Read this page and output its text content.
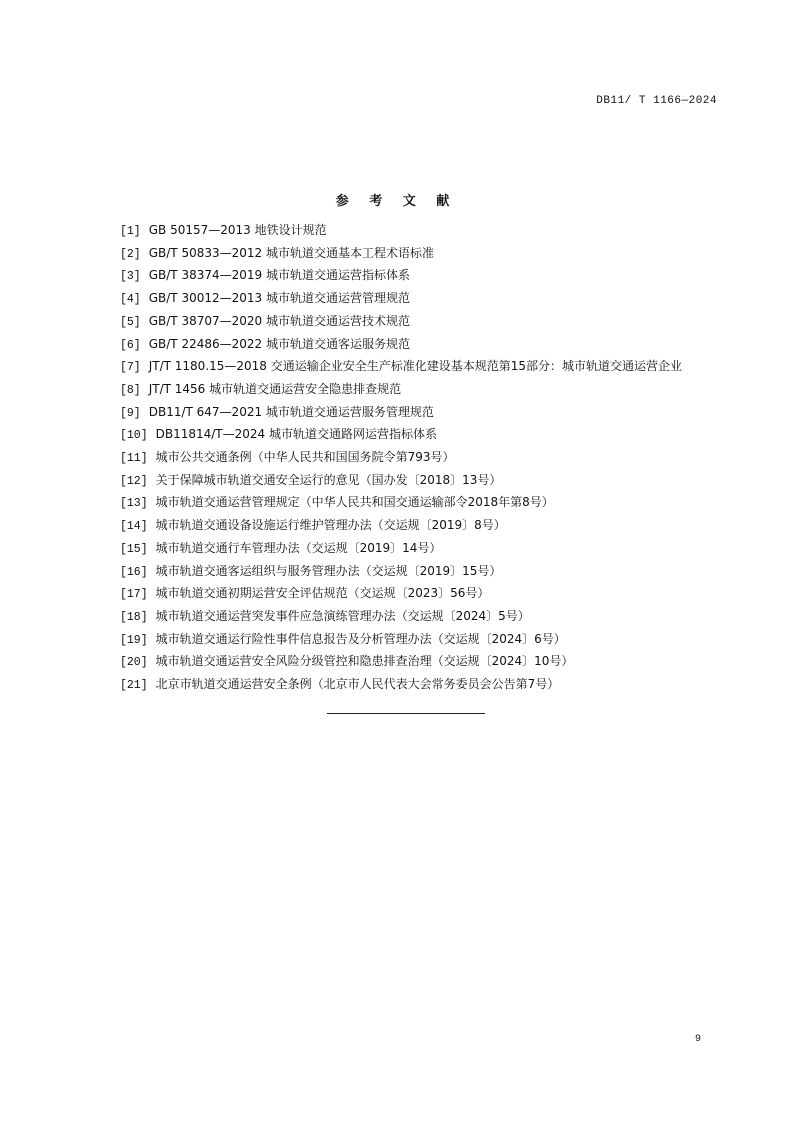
DB11/ T 1166—2024
参 考 文 献
[1] GB 50157—2013 地铁设计规范
[2] GB/T 50833—2012 城市轨道交通基本工程术语标准
[3] GB/T 38374—2019 城市轨道交通运营指标体系
[4] GB/T 30012—2013 城市轨道交通运营管理规范
[5] GB/T 38707—2020 城市轨道交通运营技术规范
[6] GB/T 22486—2022 城市轨道交通客运服务规范
[7] JT/T 1180.15—2018 交通运输企业安全生产标准化建设基本规范第15部分：城市轨道交通运营企业
[8] JT/T 1456 城市轨道交通运营安全隐患排查规范
[9] DB11/T 647—2021 城市轨道交通运营服务管理规范
[10] DB11814/T—2024 城市轨道交通路网运营指标体系
[11] 城市公共交通条例（中华人民共和国国务院令第793号）
[12] 关于保障城市轨道交通安全运行的意见（国办发〔2018〕13号）
[13] 城市轨道交通运营管理规定（中华人民共和国交通运输部令2018年第8号）
[14] 城市轨道交通设备设施运行维护管理办法（交运规〔2019〕8号）
[15] 城市轨道交通行车管理办法（交运规〔2019〕14号）
[16] 城市轨道交通客运组织与服务管理办法（交运规〔2019〕15号）
[17] 城市轨道交通初期运营安全评估规范（交运规〔2023〕56号）
[18] 城市轨道交通运营突发事件应急演练管理办法（交运规〔2024〕5号）
[19] 城市轨道交通运行险性事件信息报告及分析管理办法（交运规〔2024〕6号）
[20] 城市轨道交通运营安全风险分级管控和隐患排查治理（交运规〔2024〕10号）
[21] 北京市轨道交通运营安全条例（北京市人民代表大会常务委员会公告第7号）
9
